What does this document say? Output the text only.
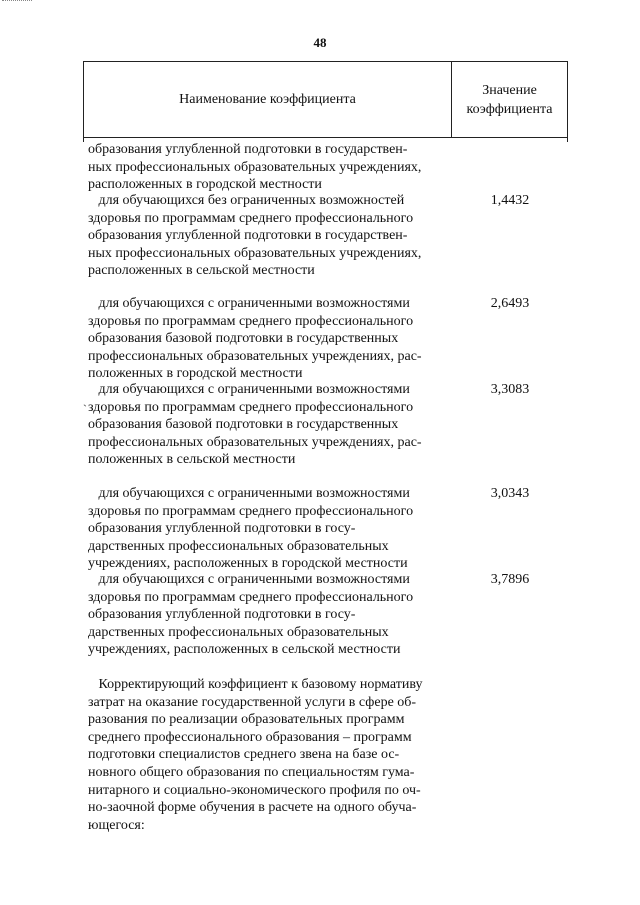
48
Наименование коэффициента
Значение коэффициента
образования углубленной подготовки в государствен-
ных профессиональных образовательных учреждениях,
расположенных в городской местности
для обучающихся без ограниченных возможностей
здоровья по программам среднего профессионального
образования углубленной подготовки в государствен-
ных профессиональных образовательных учреждениях,
расположенных в сельской местности
1,4432
для обучающихся с ограниченными возможностями
здоровья по программам среднего профессионального
образования базовой подготовки в государственных
профессиональных образовательных учреждениях, рас-
положенных в городской местности
2,6493
для обучающихся с ограниченными возможностями
здоровья по программам среднего профессионального
образования базовой подготовки в государственных
профессиональных образовательных учреждениях, рас-
положенных в сельской местности
3,3083
ˎ
для обучающихся с ограниченными возможностями
здоровья по программам среднего профессионального
образования углубленной подготовки в госу-
дарственных профессиональных образовательных
учреждениях, расположенных в городской местности
3,0343
для обучающихся с ограниченными возможностями
здоровья по программам среднего профессионального
образования углубленной подготовки в госу-
дарственных профессиональных образовательных
учреждениях, расположенных в сельской местности
3,7896
Корректирующий коэффициент к базовому нормативу
затрат на оказание государственной услуги в сфере об-
разования по реализации образовательных программ
среднего профессионального образования – программ
подготовки специалистов среднего звена на базе ос-
новного общего образования по специальностям гума-
нитарного и социально-экономического профиля по оч-
но-заочной форме обучения в расчете на одного обуча-
ющегося:
